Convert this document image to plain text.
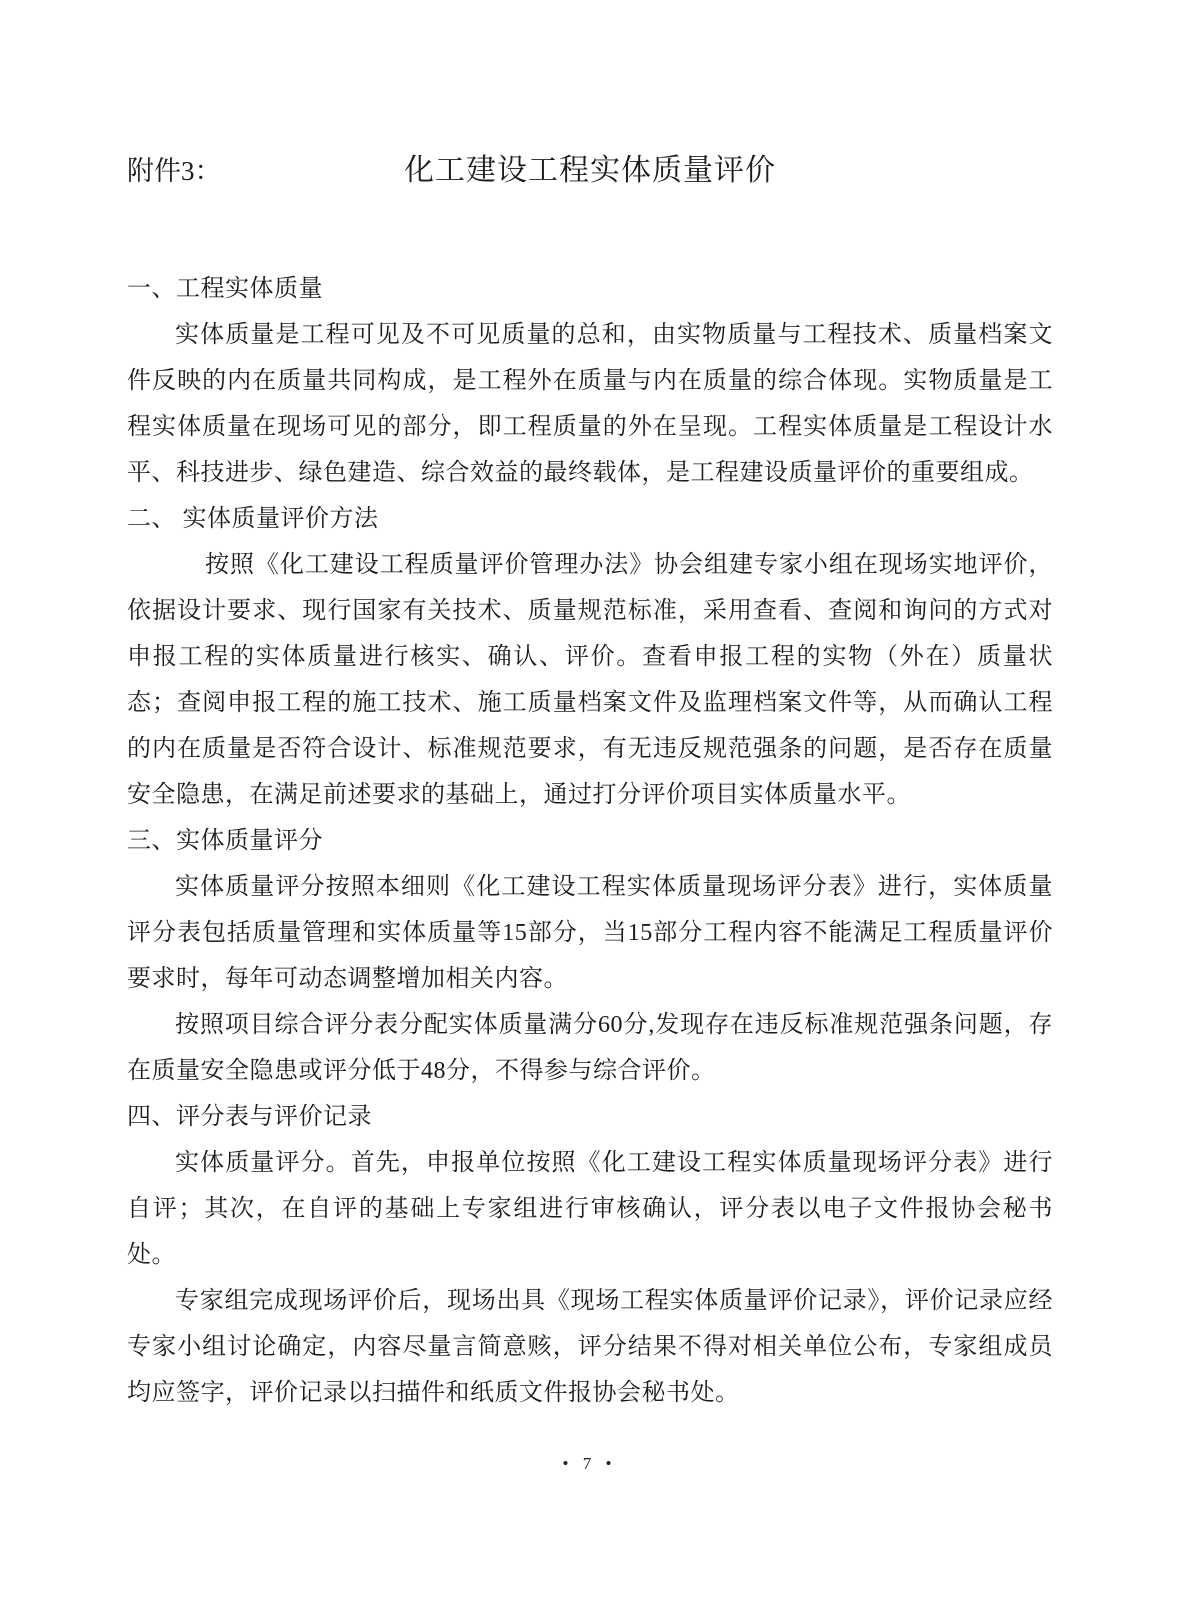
附件3：	化工建设工程实体质量评价
一、工程实体质量

实体质量是工程可见及不可见质量的总和，由实物质量与工程技术、质量档案文件反映的内在质量共同构成，是工程外在质量与内在质量的综合体现。实物质量是工程实体质量在现场可见的部分，即工程质量的外在呈现。工程实体质量是工程设计水平、科技进步、绿色建造、综合效益的最终载体，是工程建设质量评价的重要组成。

二、 实体质量评价方法

按照《化工建设工程质量评价管理办法》协会组建专家小组在现场实地评价，依据设计要求、现行国家有关技术、质量规范标准，采用查看、查阅和询问的方式对申报工程的实体质量进行核实、确认、评价。查看申报工程的实物（外在）质量状态；查阅申报工程的施工技术、施工质量档案文件及监理档案文件等，从而确认工程的内在质量是否符合设计、标准规范要求，有无违反规范强条的问题，是否存在质量安全隐患，在满足前述要求的基础上，通过打分评价项目实体质量水平。

三、实体质量评分

实体质量评分按照本细则《化工建设工程实体质量现场评分表》进行，实体质量评分表包括质量管理和实体质量等15部分，当15部分工程内容不能满足工程质量评价要求时，每年可动态调整增加相关内容。

按照项目综合评分表分配实体质量满分60分,发现存在违反标准规范强条问题，存在质量安全隐患或评分低于48分，不得参与综合评价。

四、评分表与评价记录

实体质量评分。首先，申报单位按照《化工建设工程实体质量现场评分表》进行自评；其次，在自评的基础上专家组进行审核确认，评分表以电子文件报协会秘书处。

专家组完成现场评价后，现场出具《现场工程实体质量评价记录》，评价记录应经专家小组讨论确定，内容尽量言简意赅，评分结果不得对相关单位公布，专家组成员均应签字，评价记录以扫描件和纸质文件报协会秘书处。

• 7 •
